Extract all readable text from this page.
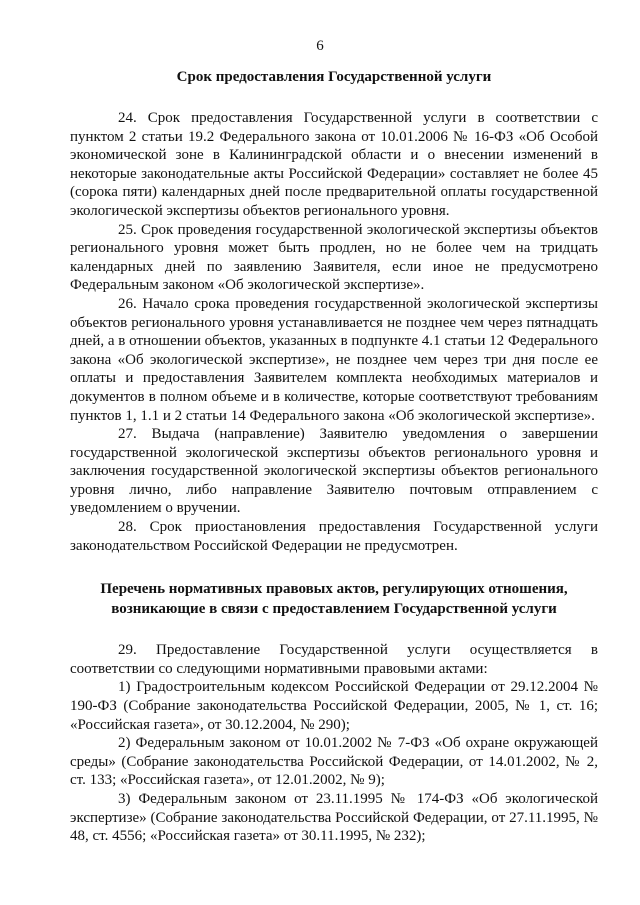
6

Срок предоставления Государственной услуги

24. Срок предоставления Государственной услуги в соответствии с пунктом 2 статьи 19.2 Федерального закона от 10.01.2006 № 16-ФЗ «Об Особой экономической зоне в Калининградской области и о внесении изменений в некоторые законодательные акты Российской Федерации» составляет не более 45 (сорока пяти) календарных дней после предварительной оплаты государственной экологической экспертизы объектов регионального уровня.

25. Срок проведения государственной экологической экспертизы объектов регионального уровня может быть продлен, но не более чем на тридцать календарных дней по заявлению Заявителя, если иное не предусмотрено Федеральным законом «Об экологической экспертизе».

26. Начало срока проведения государственной экологической экспертизы объектов регионального уровня устанавливается не позднее чем через пятнадцать дней, а в отношении объектов, указанных в подпункте 4.1 статьи 12 Федерального закона «Об экологической экспертизе», не позднее чем через три дня после ее оплаты и предоставления Заявителем комплекта необходимых материалов и документов в полном объеме и в количестве, которые соответствуют требованиям пунктов 1, 1.1 и 2 статьи 14 Федерального закона «Об экологической экспертизе».

27. Выдача (направление) Заявителю уведомления о завершении государственной экологической экспертизы объектов регионального уровня и заключения государственной экологической экспертизы объектов регионального уровня лично, либо направление Заявителю почтовым отправлением с уведомлением о вручении.

28. Срок приостановления предоставления Государственной услуги законодательством Российской Федерации не предусмотрен.

Перечень нормативных правовых актов, регулирующих отношения,

возникающие в связи с предоставлением Государственной услуги

29. Предоставление Государственной услуги осуществляется в соответствии со следующими нормативными правовыми актами:

1) Градостроительным кодексом Российской Федерации от 29.12.2004 № 190-ФЗ (Собрание законодательства Российской Федерации, 2005, № 1, ст. 16; «Российская газета», от 30.12.2004, № 290);

2) Федеральным законом от 10.01.2002 № 7-ФЗ «Об охране окружающей среды» (Собрание законодательства Российской Федерации, от 14.01.2002, № 2, ст. 133; «Российская газета», от 12.01.2002, № 9);

3) Федеральным законом от 23.11.1995 № 174-ФЗ «Об экологической экспертизе» (Собрание законодательства Российской Федерации, от 27.11.1995, № 48, ст. 4556; «Российская газета» от 30.11.1995, № 232);
